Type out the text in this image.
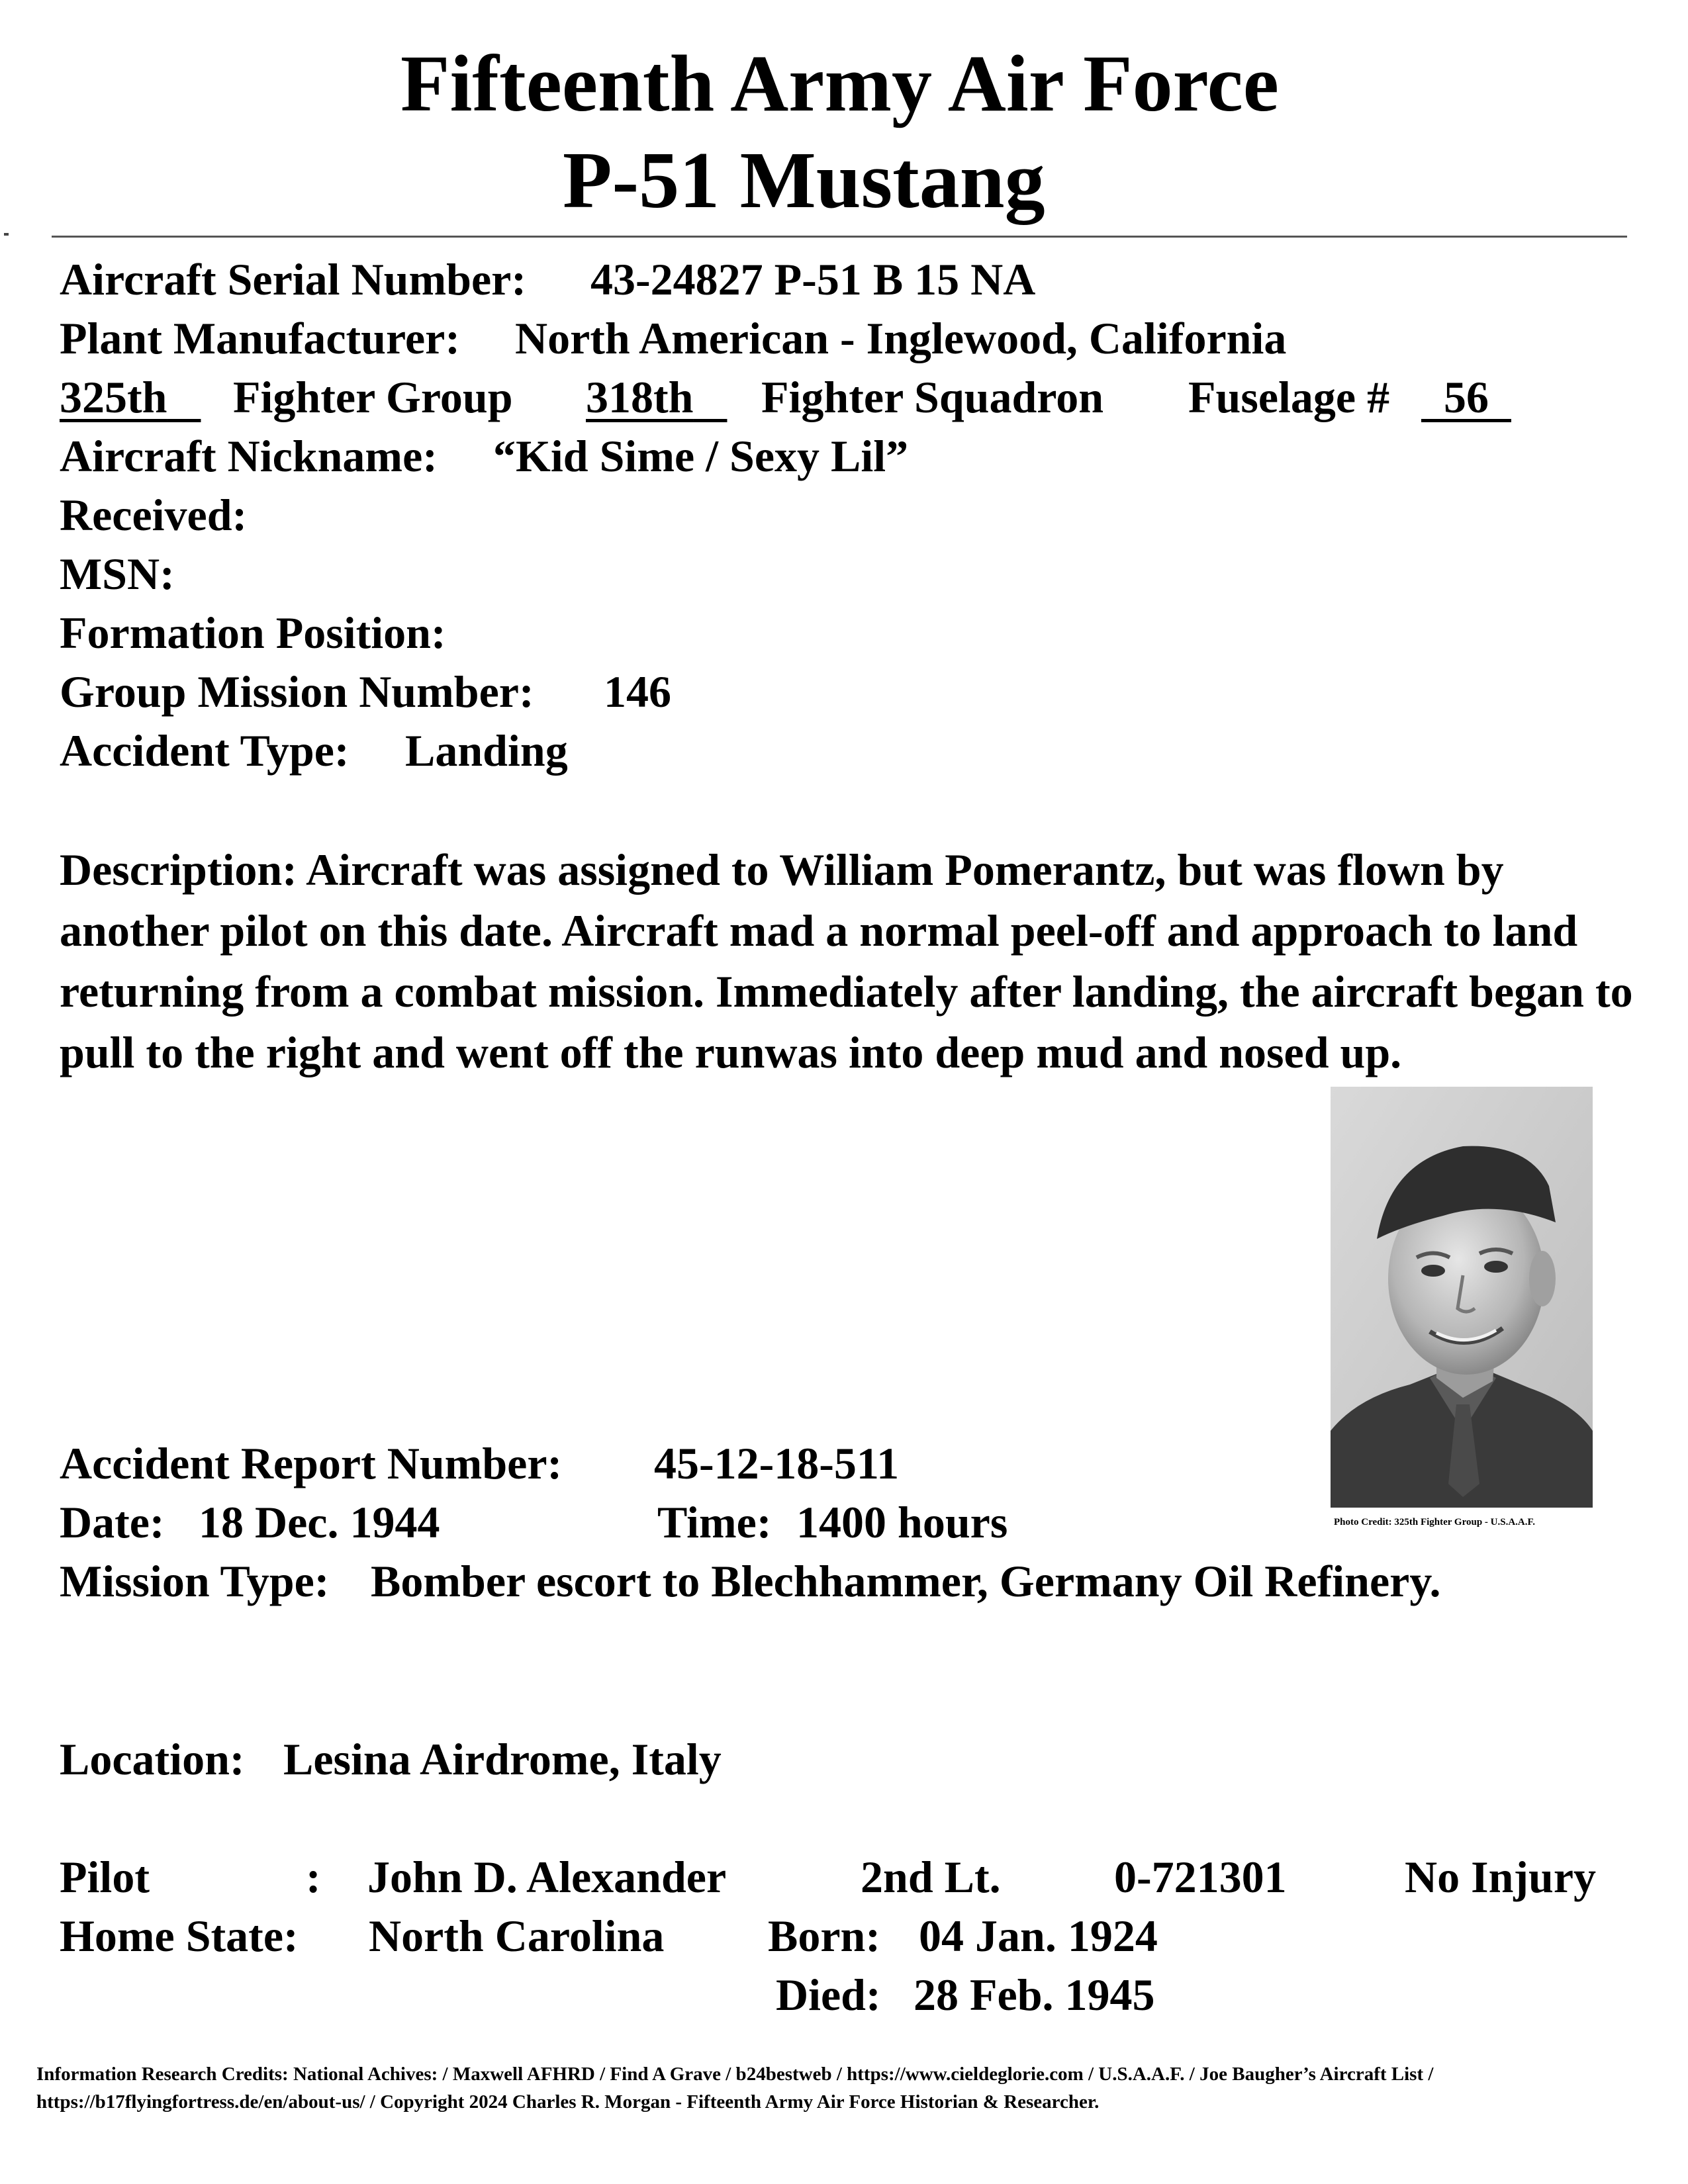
Fifteenth Army Air Force
P-51 Mustang
Aircraft Serial Number: 43-24827 P-51 B 15 NA
Plant Manufacturer: North American - Inglewood, California
325th	Fighter Group 318th	Fighter Squadron Fuselage #	56
Aircraft Nickname: “Kid Sime / Sexy Lil”
Received:
MSN:
Formation Position:
Group Mission Number: 146
Accident Type: Landing
Description: Aircraft was assigned to William Pomerantz, but was flown by another pilot on this date. Aircraft mad a normal peel-off and approach to land returning from a combat mission. Immediately after landing, the aircraft began to pull to the right and went off the runwas into deep mud and nosed up.
Photo Credit: 325th Fighter Group - U.S.A.A.F.
Accident Report Number: 45-12-18-511
Date: 18 Dec. 1944	Time: 1400 hours
Mission Type: Bomber escort to Blechhammer, Germany Oil Refinery.
Location: Lesina Airdrome, Italy
Pilot	: John D. Alexander	2nd Lt.	0-721301	No Injury
Home State: North Carolina Born: 04 Jan. 1924
Died: 28 Feb. 1945
Information Research Credits: National Achives: / Maxwell AFHRD / Find A Grave / b24bestweb / https://www.cieldeglorie.com / U.S.A.A.F. / Joe Baugher’s Aircraft List /
https://b17flyingfortress.de/en/about-us/ / Copyright 2024 Charles R. Morgan - Fifteenth Army Air Force Historian & Researcher.
